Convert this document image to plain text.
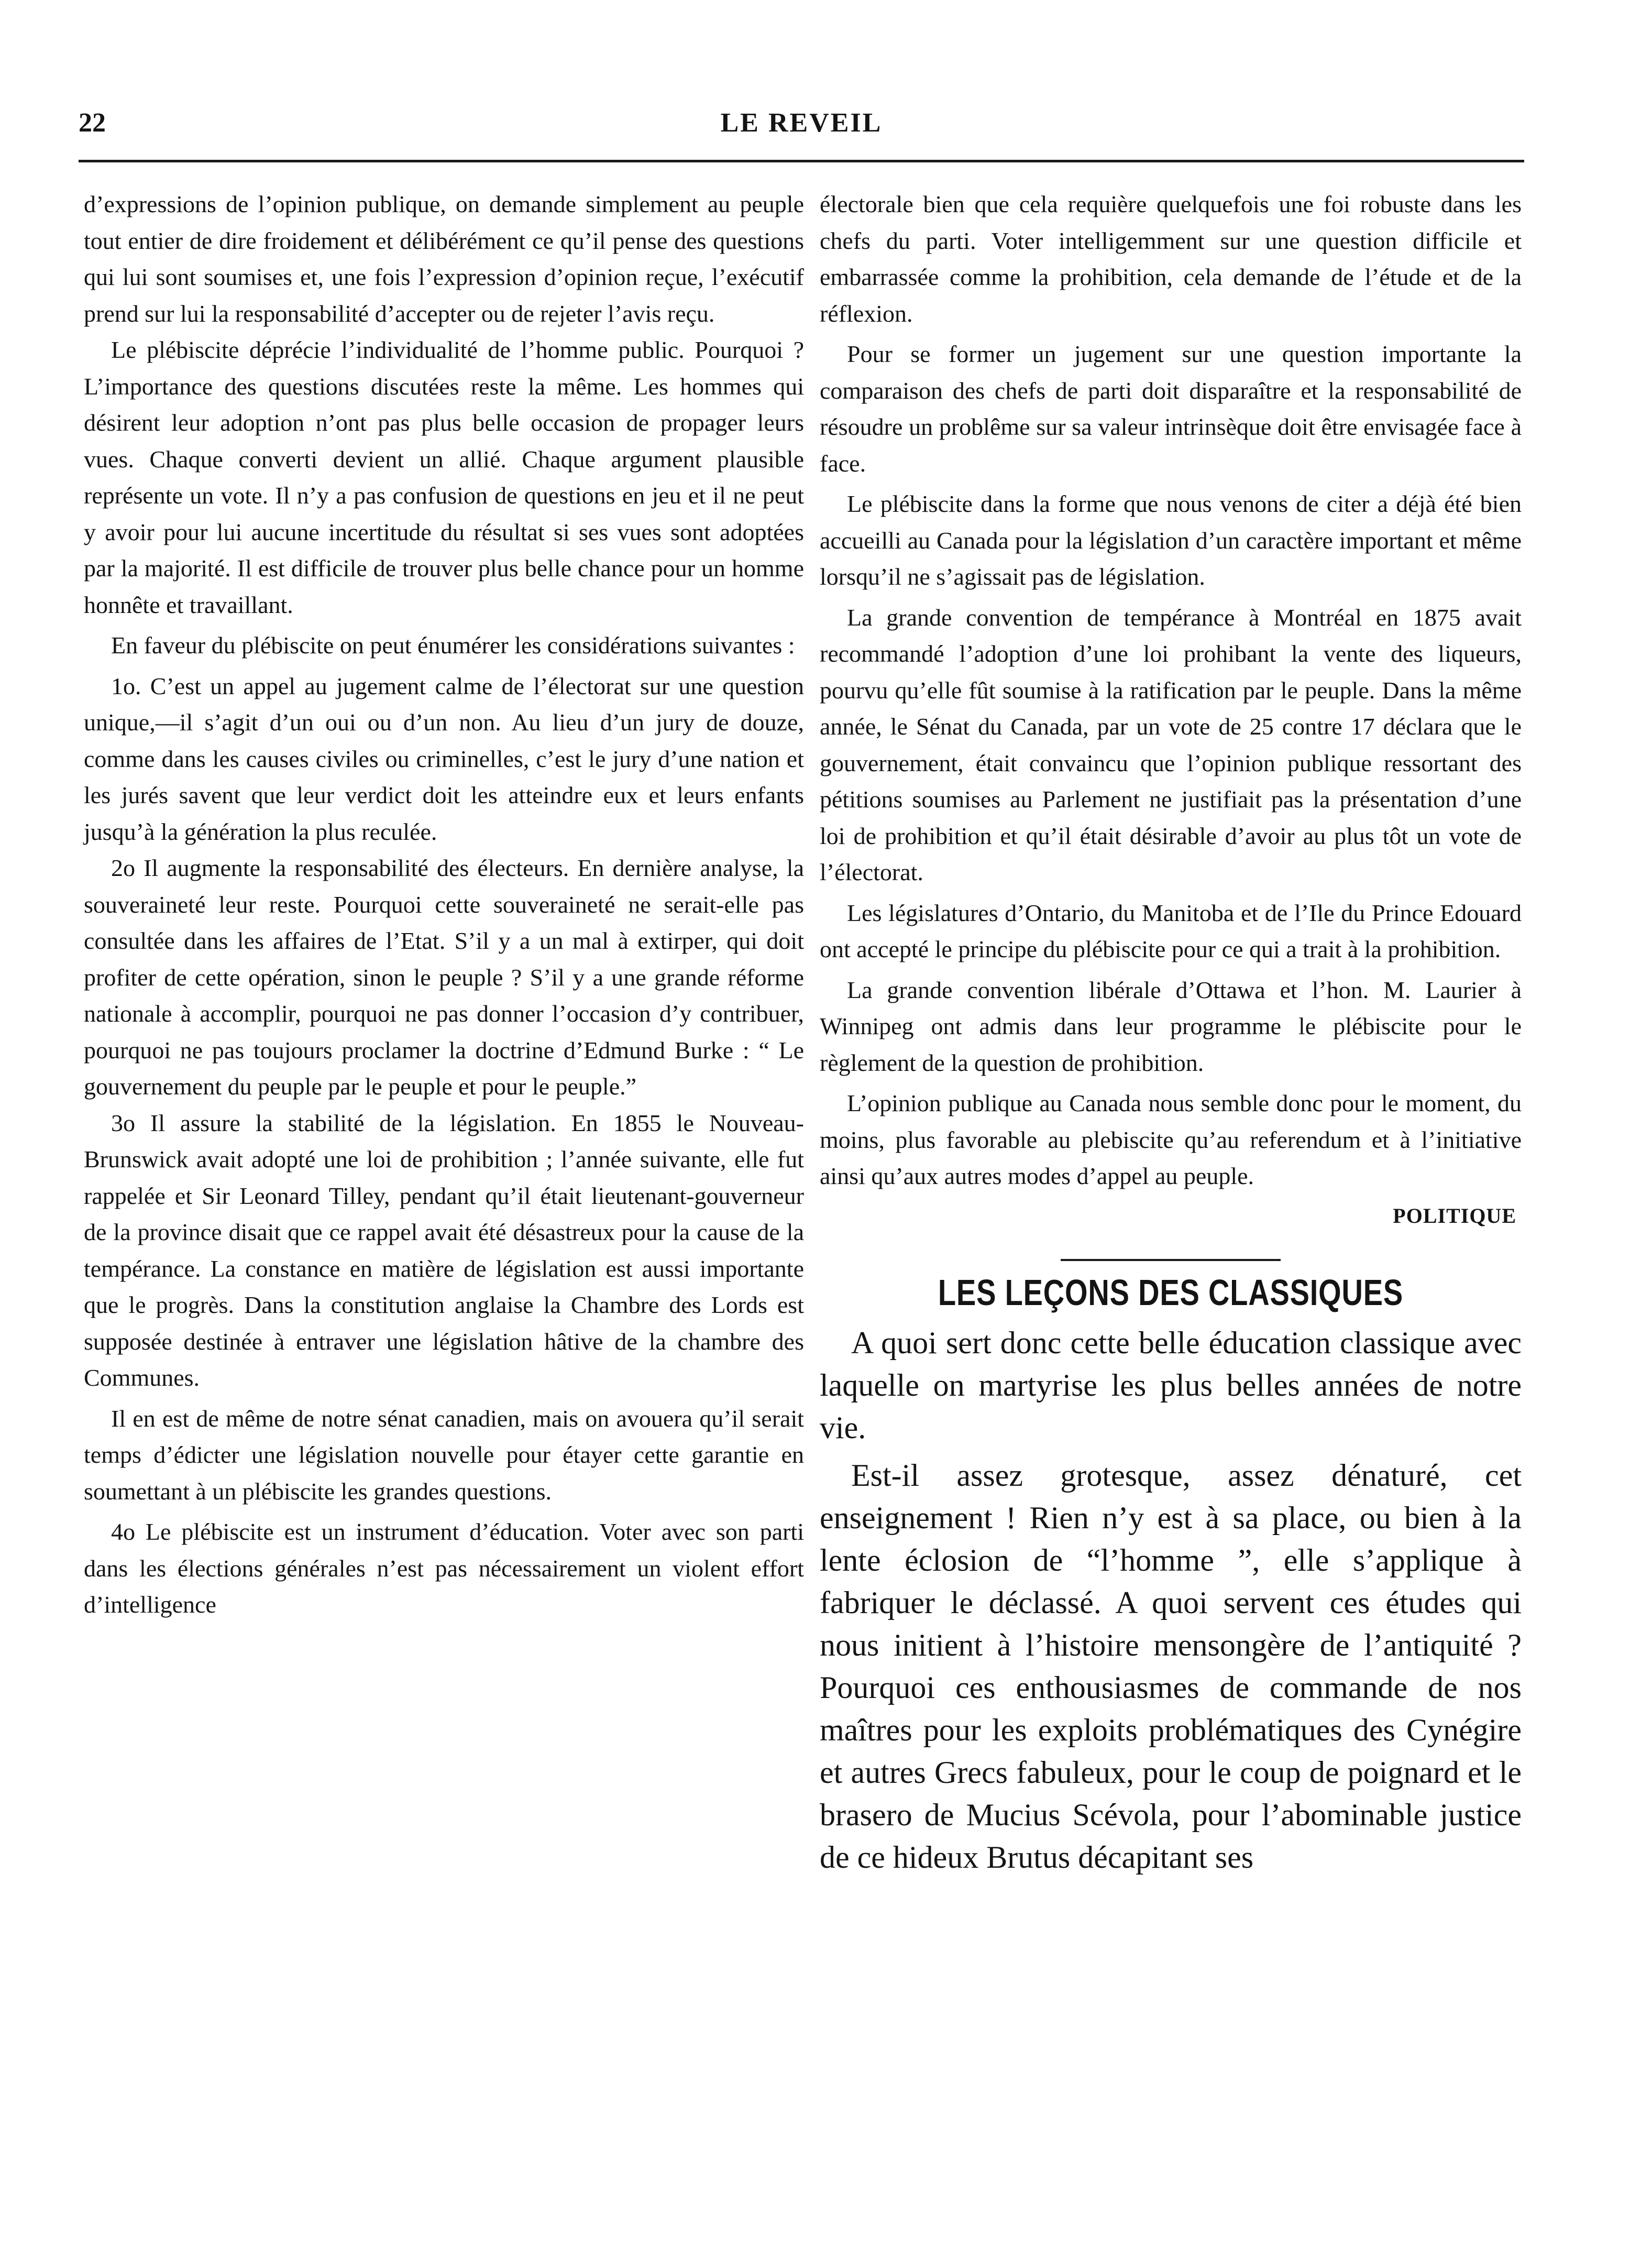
22	LE REVEIL

d’expressions de l’opinion publique, on demande simplement au peuple tout entier de dire froidement et délibérément ce qu’il pense des questions qui lui sont soumises et, une fois l’expression d’opinion reçue, l’exécutif prend sur lui la responsabilité d’accepter ou de rejeter l’avis reçu.

Le plébiscite déprécie l’individualité de l’homme public. Pourquoi ? L’importance des questions discutées reste la même. Les hommes qui désirent leur adoption n’ont pas plus belle occasion de propager leurs vues. Chaque converti devient un allié. Chaque argument plausible représente un vote. Il n’y a pas confusion de questions en jeu et il ne peut y avoir pour lui aucune incertitude du résultat si ses vues sont adoptées par la majorité. Il est difficile de trouver plus belle chance pour un homme honnête et travaillant.

En faveur du plébiscite on peut énumérer les considérations suivantes :

1o. C’est un appel au jugement calme de l’électorat sur une question unique,—il s’agit d’un oui ou d’un non. Au lieu d’un jury de douze, comme dans les causes civiles ou criminelles, c’est le jury d’une nation et les jurés savent que leur verdict doit les atteindre eux et leurs enfants jusqu’à la génération la plus reculée.

2o Il augmente la responsabilité des électeurs. En dernière analyse, la souveraineté leur reste. Pourquoi cette souveraineté ne serait-elle pas consultée dans les affaires de l’Etat. S’il y a un mal à extirper, qui doit profiter de cette opération, sinon le peuple ? S’il y a une grande réforme nationale à accomplir, pourquoi ne pas donner l’occasion d’y contribuer, pourquoi ne pas toujours proclamer la doctrine d’Edmund Burke : “ Le gouvernement du peuple par le peuple et pour le peuple.”

3o Il assure la stabilité de la législation. En 1855 le Nouveau-Brunswick avait adopté une loi de prohibition ; l’année suivante, elle fut rappelée et Sir Leonard Tilley, pendant qu’il était lieutenant-gouverneur de la province disait que ce rappel avait été désastreux pour la cause de la tempérance. La constance en matière de législation est aussi importante que le progrès. Dans la constitution anglaise la Chambre des Lords est supposée destinée à entraver une législation hâtive de la chambre des Communes.

Il en est de même de notre sénat canadien, mais on avouera qu’il serait temps d’édicter une législation nouvelle pour étayer cette garantie en soumettant à un plébiscite les grandes questions.

4o Le plébiscite est un instrument d’éducation. Voter avec son parti dans les élections générales n’est pas nécessairement un violent effort d’intelligence

électorale bien que cela requière quelquefois une foi robuste dans les chefs du parti. Voter intelligemment sur une question difficile et embarrassée comme la prohibition, cela demande de l’étude et de la réflexion.

Pour se former un jugement sur une question importante la comparaison des chefs de parti doit disparaître et la responsabilité de résoudre un problême sur sa valeur intrinsèque doit être envisagée face à face.

Le plébiscite dans la forme que nous venons de citer a déjà été bien accueilli au Canada pour la législation d’un caractère important et même lorsqu’il ne s’agissait pas de législation.

La grande convention de tempérance à Montréal en 1875 avait recommandé l’adoption d’une loi prohibant la vente des liqueurs, pourvu qu’elle fût soumise à la ratification par le peuple. Dans la même année, le Sénat du Canada, par un vote de 25 contre 17 déclara que le gouvernement, était convaincu que l’opinion publique ressortant des pétitions soumises au Parlement ne justifiait pas la présentation d’une loi de prohibition et qu’il était désirable d’avoir au plus tôt un vote de l’électorat.

Les législatures d’Ontario, du Manitoba et de l’Ile du Prince Edouard ont accepté le principe du plébiscite pour ce qui a trait à la prohibition.

La grande convention libérale d’Ottawa et l’hon. M. Laurier à Winnipeg ont admis dans leur programme le plébiscite pour le règlement de la question de prohibition.

L’opinion publique au Canada nous semble donc pour le moment, du moins, plus favorable au plebiscite qu’au referendum et à l’initiative ainsi qu’aux autres modes d’appel au peuple.

POLITIQUE
LES LEÇONS DES CLASSIQUES

A quoi sert donc cette belle éducation classique avec laquelle on martyrise les plus belles années de notre vie.

Est-il assez grotesque, assez dénaturé, cet enseignement ! Rien n’y est à sa place, ou bien à la lente éclosion de “l’homme ”, elle s’applique à fabriquer le déclassé. A quoi servent ces études qui nous initient à l’histoire mensongère de l’antiquité ? Pourquoi ces enthousiasmes de commande de nos maîtres pour les exploits problématiques des Cynégire et autres Grecs fabuleux, pour le coup de poignard et le brasero de Mucius Scévola, pour l’abominable justice de ce hideux Brutus décapitant ses
